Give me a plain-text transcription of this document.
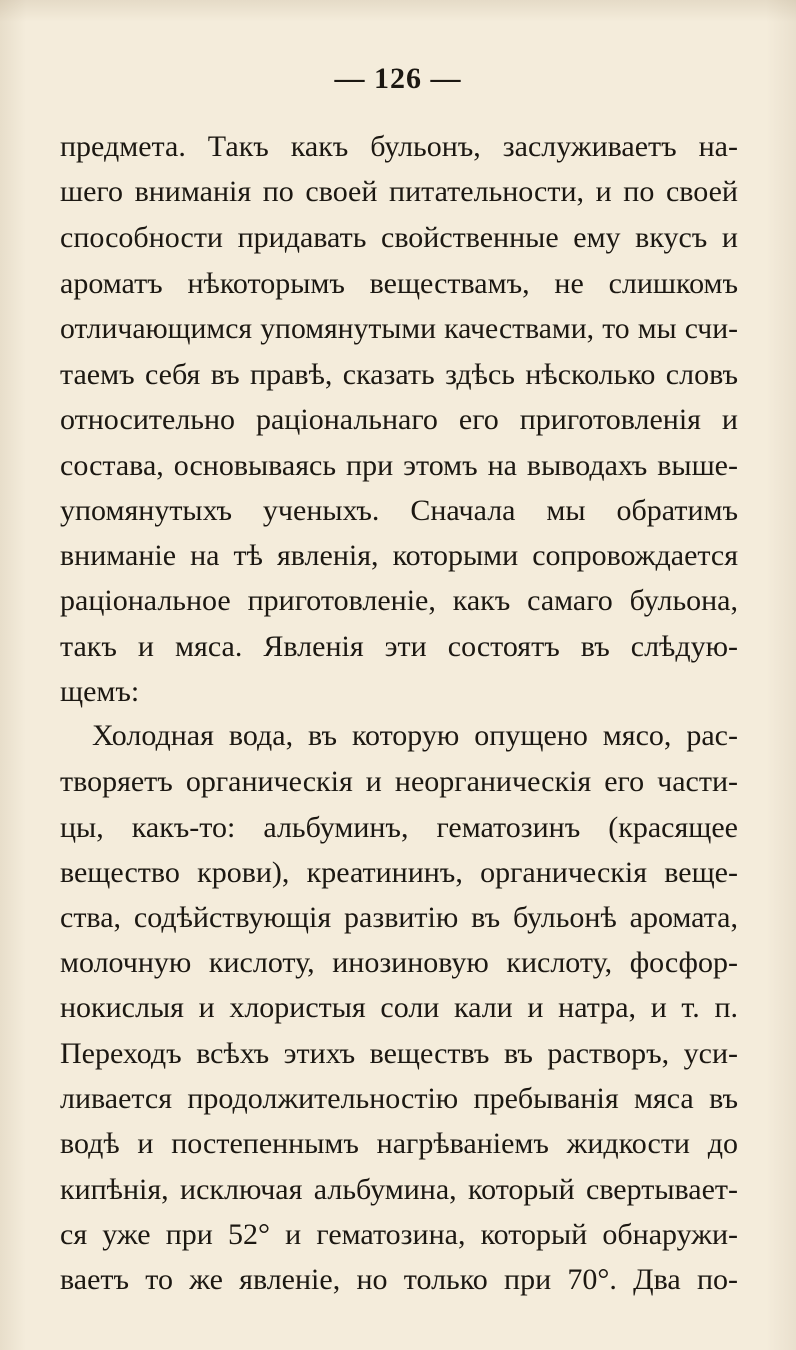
— 126 —
предмета. Такъ какъ бульонъ, заслуживаетъ на-
шего вниманія по своей питательности, и по своей
способности придавать свойственные ему вкусъ и
ароматъ нѣкоторымъ веществамъ, не слишкомъ
отличающимся упомянутыми качествами, то мы счи-
таемъ себя въ правѣ, сказать здѣсь нѣсколько словъ
относительно раціональнаго его приготовленія и
состава, основываясь при этомъ на выводахъ выше-
упомянутыхъ ученыхъ. Сначала мы обратимъ
вниманіе на тѣ явленія, которыми сопровождается
раціональное приготовленіе, какъ самаго бульона,
такъ и мяса. Явленія эти состоятъ въ слѣдую-
щемъ:
Холодная вода, въ которую опущено мясо, рас-
творяетъ органическія и неорганическія его части-
цы, какъ-то: альбуминъ, гематозинъ (красящее
вещество крови), креатининъ, органическія веще-
ства, содѣйствующія развитію въ бульонѣ аромата,
молочную кислоту, инозиновую кислоту, фосфор-
нокислыя и хлористыя соли кали и натра, и т. п.
Переходъ всѣхъ этихъ веществъ въ растворъ, уси-
ливается продолжительностію пребыванія мяса въ
водѣ и постепеннымъ нагрѣваніемъ жидкости до
кипѣнія, исключая альбумина, который свертывает-
ся уже при 52° и гематозина, который обнаружи-
ваетъ то же явленіе, но только при 70°. Два по-
